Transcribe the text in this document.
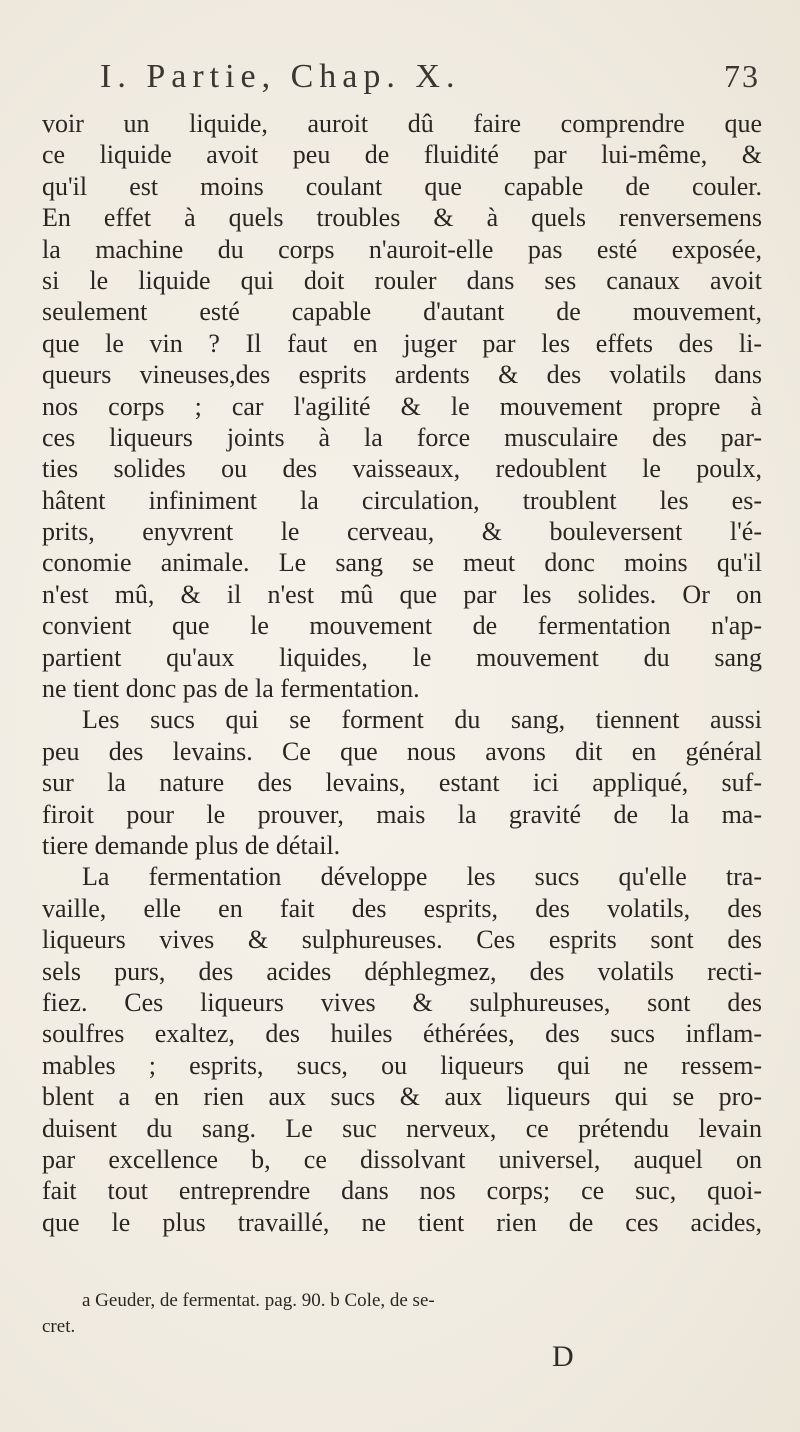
I. Partie, Chap. X.	73
voir un liquide, auroit dû faire comprendre que
ce liquide avoit peu de fluidité par lui-même, &
qu'il est moins coulant que capable de couler.
En effet à quels troubles & à quels renversemens
la machine du corps n'auroit-elle pas esté exposée,
si le liquide qui doit rouler dans ses canaux avoit
seulement esté capable d'autant de mouvement,
que le vin ? Il faut en juger par les effets des li-
queurs vineuses,des esprits ardents & des volatils dans
nos corps ; car l'agilité & le mouvement propre à
ces liqueurs joints à la force musculaire des par-
ties solides ou des vaisseaux, redoublent le poulx,
hâtent infiniment la circulation, troublent les es-
prits, enyvrent le cerveau, & bouleversent l'é-
conomie animale. Le sang se meut donc moins qu'il
n'est mû, & il n'est mû que par les solides. Or on
convient que le mouvement de fermentation n'ap-
partient qu'aux liquides, le mouvement du sang
ne tient donc pas de la fermentation.
Les sucs qui se forment du sang, tiennent aussi
peu des levains. Ce que nous avons dit en général
sur la nature des levains, estant ici appliqué, suf-
firoit pour le prouver, mais la gravité de la ma-
tiere demande plus de détail.
La fermentation développe les sucs qu'elle tra-
vaille, elle en fait des esprits, des volatils, des
liqueurs vives & sulphureuses. Ces esprits sont des
sels purs, des acides déphlegmez, des volatils recti-
fiez. Ces liqueurs vives & sulphureuses, sont des
soulfres exaltez, des huiles éthérées, des sucs inflam-
mables ; esprits, sucs, ou liqueurs qui ne ressem-
blent a en rien aux sucs & aux liqueurs qui se pro-
duisent du sang. Le suc nerveux, ce prétendu levain
par excellence b, ce dissolvant universel, auquel on
fait tout entreprendre dans nos corps; ce suc, quoi-
que le plus travaillé, ne tient rien de ces acides,
a Geuder, de fermentat. pag. 90. b Cole, de se-
cret.
D
